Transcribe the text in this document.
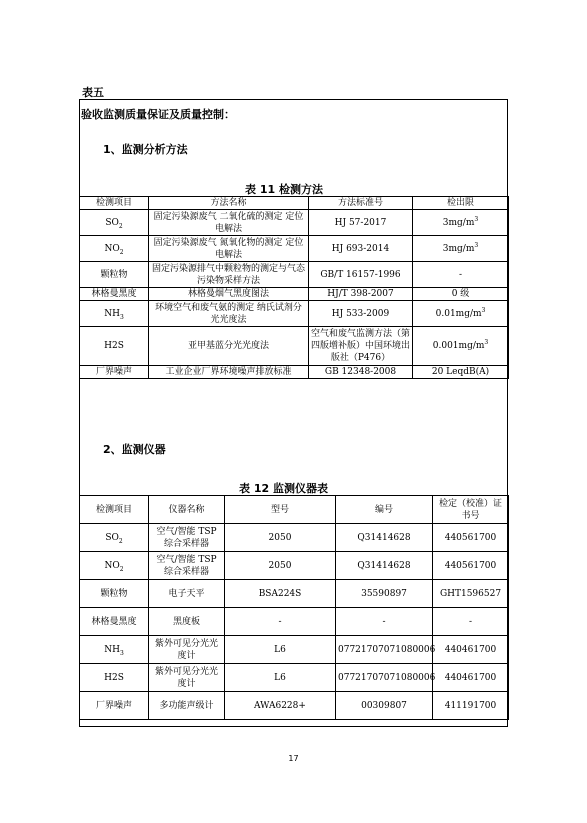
表五
验收监测质量保证及质量控制：
1、监测分析方法
表 11 检测方法
检测项目	方法名称	方法标准号	检出限
$SO_2$	固定污染源废气 二氧化硫的测定 定位电解法	HJ 57-2017	$3mg/m^3$
$NO_2$	固定污染源废气 氮氧化物的测定 定位电解法	HJ 693-2014	$3mg/m^3$
颗粒物	固定污染源排气中颗粒物的测定与气态污染物采样方法	GB/T 16157-1996	-
林格曼黑度	林格曼烟气黑度图法	HJ/T 398-2007	0 级
$NH_3$	环境空气和废气氨的测定 纳氏试剂分光光度法	HJ 533-2009	$0.01mg/m^3$
H2S	亚甲基蓝分光光度法	空气和废气监测方法（第四版增补版）中国环境出版社（P476）	$0.001mg/m^3$
厂界噪声	工业企业厂界环境噪声排放标准	GB 12348-2008	20 LeqdB(A)
2、监测仪器
表 12 监测仪器表
检测项目	仪器名称	型号	编号	检定（校准）证书号
$SO_2$	空气/智能 TSP 综合采样器	2050	Q31414628	440561700
$NO_2$	空气/智能 TSP 综合采样器	2050	Q31414628	440561700
颗粒物	电子天平	BSA224S	35590897	GHT1596527
林格曼黑度	黑度板	-	-	-
$NH_3$	紫外可见分光光度计	L6	07721707071080006	440461700
H2S	紫外可见分光光度计	L6	07721707071080006	440461700
厂界噪声	多功能声级计	AWA6228+	00309807	411191700
17
